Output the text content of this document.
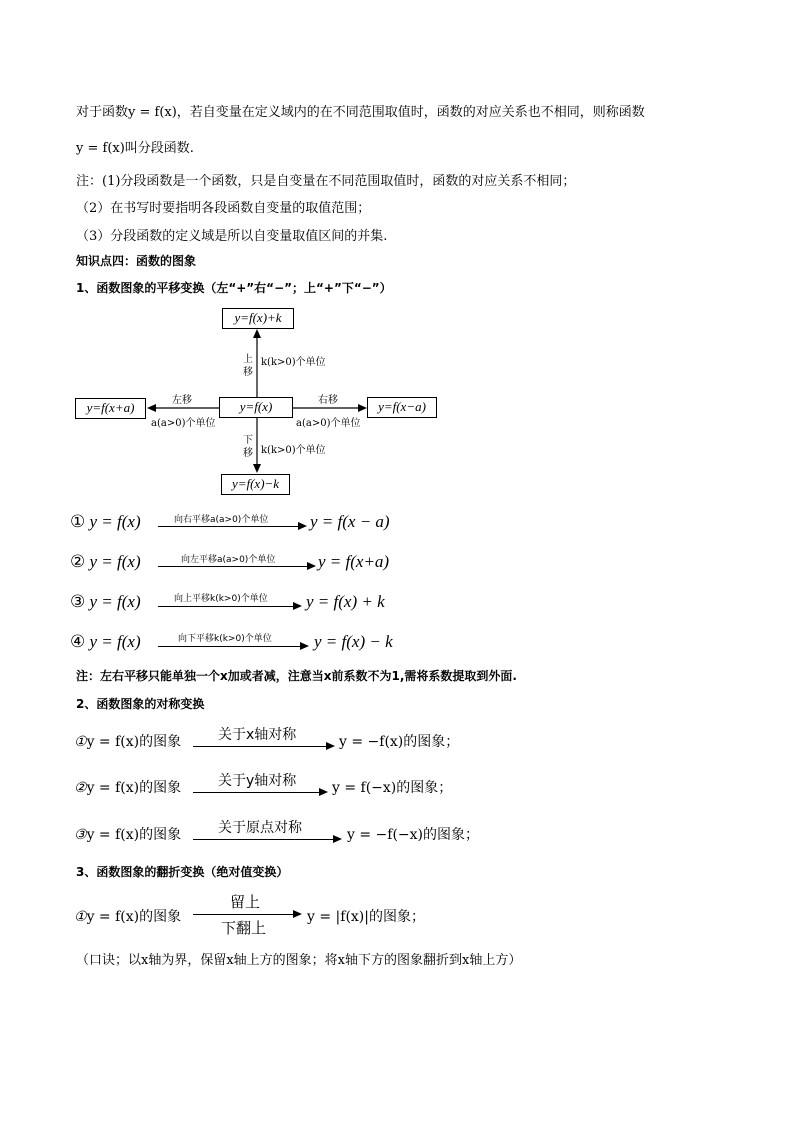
对于函数y = f(x)，若自变量在定义域内的在不同范围取值时，函数的对应关系也不相同，则称函数
y = f(x)叫分段函数.
注：(1)分段函数是一个函数，只是自变量在不同范围取值时，函数的对应关系不相同；
（2）在书写时要指明各段函数自变量的取值范围；
（3）分段函数的定义域是所以自变量取值区间的并集.
知识点四：函数的图象
1、函数图象的平移变换（左“+”右“−”；上“+”下“−”）
y=f(x)+k
y=f(x)
y=f(x+a)	y=f(x−a)
y=f(x)−k
上
移
k(k>0)个单位
下
移 k(k>0)个单位
左移
a(a>0)个单位
右移
a(a>0)个单位
① y = f(x)	向右平移a(a>0)个单位 y = f(x − a)
② y = f(x)	向左平移a(a>0)个单位	y = f(x+a)
③ y = f(x)	向上平移k(k>0)个单位 y = f(x) + k
④ y = f(x)	向下平移k(k>0)个单位 y = f(x) − k
注：左右平移只能单独一个x加或者减，注意当x前系数不为1,需将系数提取到外面.
2、函数图象的对称变换
①y = f(x)的图象	关于x轴对称	y = −f(x)的图象；
②y = f(x)的图象	关于y轴对称	y = f(−x)的图象；
③y = f(x)的图象	关于原点对称	y = −f(−x)的图象；
3、函数图象的翻折变换（绝对值变换）
①y = f(x)的图象
留上
下翻上
y = |f(x)|的图象；
（口诀；以x轴为界，保留x轴上方的图象；将x轴下方的图象翻折到x轴上方）
